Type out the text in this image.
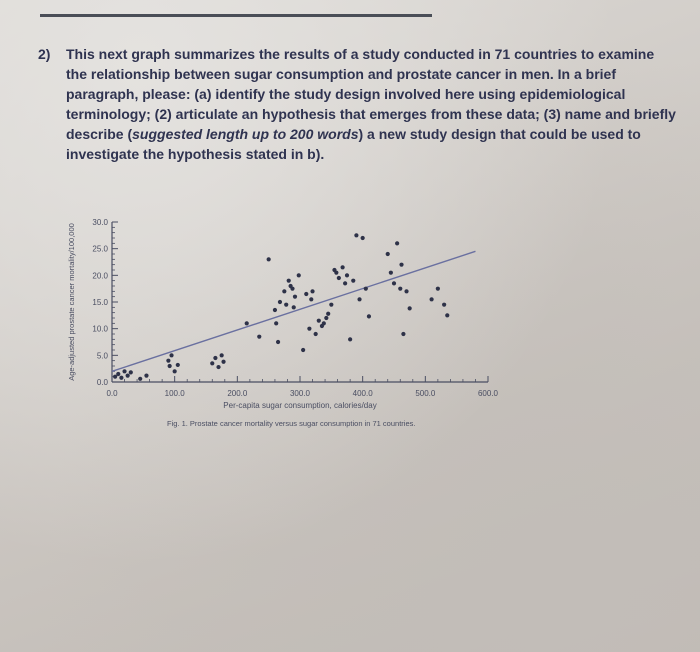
2) This next graph summarizes the results of a study conducted in 71 countries to examine the relationship between sugar consumption and prostate cancer in men. In a brief paragraph, please: (a) identify the study design involved here using epidemiological terminology; (2) articulate an hypothesis that emerges from these data; (3) name and briefly describe (suggested length up to 200 words) a new study design that could be used to investigate the hypothesis stated in b).
0.0
5.0
10.0
15.0
20.0
25.0
30.0
0.0	100.0	200.0	300.0	400.0	500.0	600.0
Per-capita sugar consumption, calories/day
Age-adjusted prostate cancer mortality/100,000
Fig. 1. Prostate cancer mortality versus sugar consumption in 71 countries.
